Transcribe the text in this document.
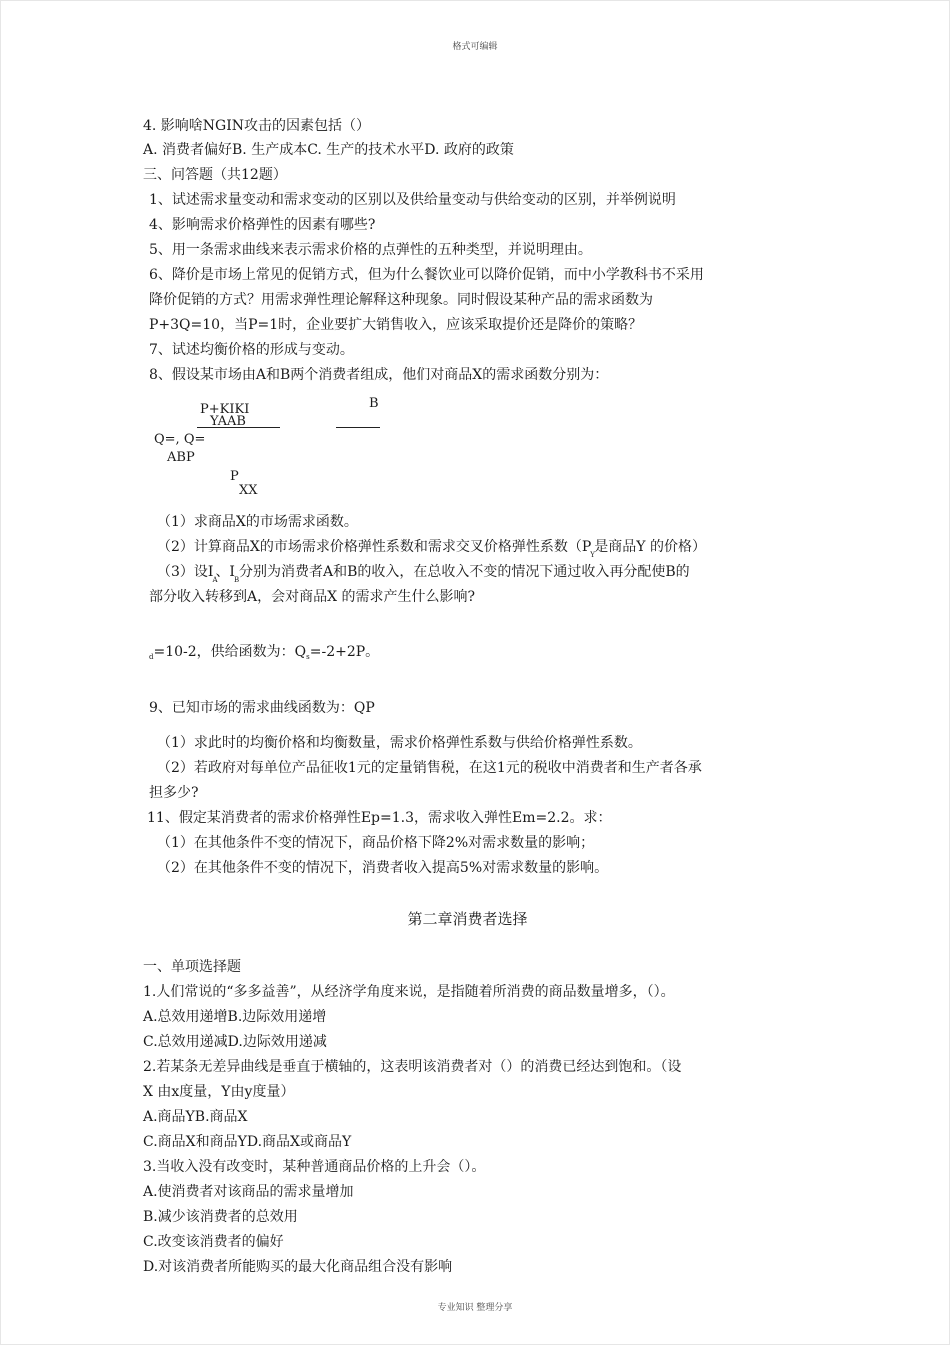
格式可编辑
4. 影响啥NGIN攻击的因素包括（）
A. 消费者偏好B. 生产成本C. 生产的技术水平D. 政府的政策
三、问答题（共12题）
1、试述需求量变动和需求变动的区别以及供给量变动与供给变动的区别，并举例说明
4、影响需求价格弹性的因素有哪些?
5、用一条需求曲线来表示需求价格的点弹性的五种类型，并说明理由。
6、降价是市场上常见的促销方式，但为什么餐饮业可以降价促销，而中小学教科书不采用
降价促销的方式？用需求弹性理论解释这种现象。同时假设某种产品的需求函数为
P+3Q=10，当P=1时，企业要扩大销售收入，应该采取提价还是降价的策略？
7、试述均衡价格的形成与变动。
8、假设某市场由A和B两个消费者组成，他们对商品X的需求函数分别为：
B
P+KIKI
YAAB
Q=, Q=
ABP
P
XX
（1）求商品X的市场需求函数。
（2）计算商品X的市场需求价格弹性系数和需求交叉价格弹性系数（P Y 是商品Y 的价格）
（3）设I A
、I B 分别为消费者A和B的收入，在总收入不变的情况下通过收入再分配使B的
部分收入转移到A，会对商品X 的需求产生什么影响?
$_d$=10-2，供给函数为：$Q_s=-2+2P$。
9、已知市场的需求曲线函数为：QP
（1）求此时的均衡价格和均衡数量，需求价格弹性系数与供给价格弹性系数。
（2）若政府对每单位产品征收1元的定量销售税，在这1元的税收中消费者和生产者各承
担多少?
11、假定某消费者的需求价格弹性Ep=1.3，需求收入弹性Em=2.2。求：
（1）在其他条件不变的情况下，商品价格下降2%对需求数量的影响；
（2）在其他条件不变的情况下，消费者收入提高5%对需求数量的影响。
第二章消费者选择
一、单项选择题
1.人们常说的“多多益善”，从经济学角度来说，是指随着所消费的商品数量增多，（）。
A.总效用递增B.边际效用递增
C.总效用递减D.边际效用递减
2.若某条无差异曲线是垂直于横轴的，这表明该消费者对（）的消费已经达到饱和。（设
X 由x度量，Y由y度量）
A.商品YB.商品X
C.商品X和商品YD.商品X或商品Y
3.当收入没有改变时，某种普通商品价格的上升会（）。
A.使消费者对该商品的需求量增加
B.减少该消费者的总效用
C.改变该消费者的偏好
D.对该消费者所能购买的最大化商品组合没有影响
专业知识 整理分享
